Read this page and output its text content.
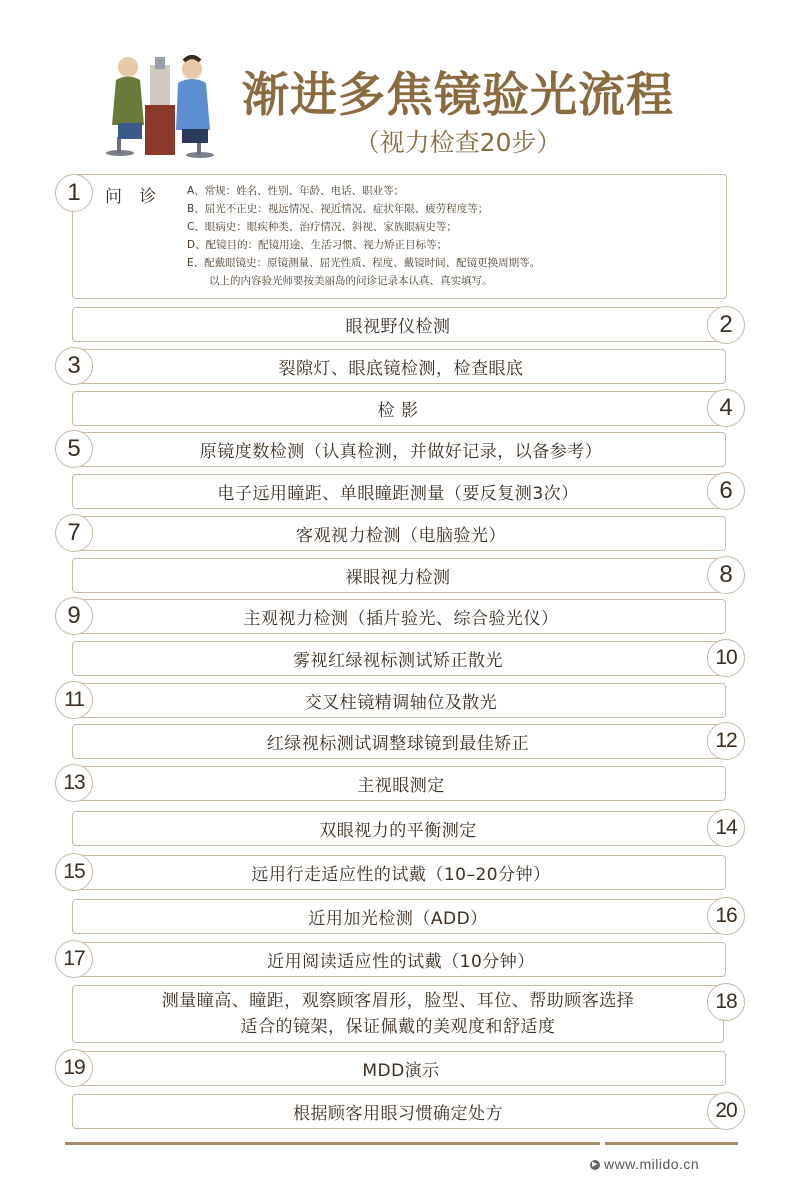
渐进多焦镜验光流程
（视力检查20步）
1	问 诊 A、常规：姓名、性别、年龄、电话、职业等；
B、屈光不正史：视远情况、视近情况、症状年限、疲劳程度等；
C、眼病史：眼疾种类、治疗情况、斜视、家族眼病史等；
D、配镜目的：配镜用途、生活习惯、视力矫正目标等；
E、配戴眼镜史：原镜测量、屈光性质、程度、戴镜时间、配镜更换周期等。
以上的内容验光师要按美丽岛的问诊记录本认真、真实填写。
眼视野仪检测	2
裂隙灯、眼底镜检测，检查眼底
3
检 影	4
原镜度数检测（认真检测，并做好记录，以备参考）
5
电子远用瞳距、单眼瞳距测量（要反复测3次）	6
客观视力检测（电脑验光）
7
裸眼视力检测	8
主观视力检测（插片验光、综合验光仪）
9
雾视红绿视标测试矫正散光	10
交叉柱镜精调轴位及散光
11
红绿视标测试调整球镜到最佳矫正	12
主视眼测定
13
双眼视力的平衡测定	14
远用行走适应性的试戴（10–20分钟）
15
近用加光检测（ADD）	16
近用阅读适应性的试戴（10分钟）
17
测量瞳高、瞳距，观察顾客眉形，脸型、耳位、帮助顾客选择
适合的镜架，保证佩戴的美观度和舒适度
18
MDD演示
19
根据顾客用眼习惯确定处方	20
▶ www.milido.cn
